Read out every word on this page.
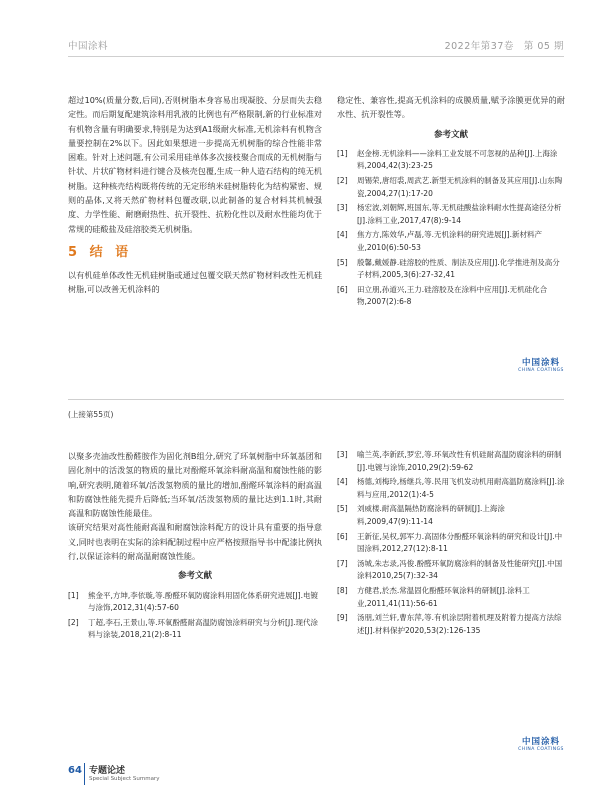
中国涂料	2022年第37卷　第 05 期

超过10%(质量分数,后同),否则树脂本身容易出现凝胶、分层而失去稳定性。而后期复配建筑涂料用乳液的比例也有严格限制,新的行业标准对有机物含量有明确要求,特别是为达到A1级耐火标准,无机涂料有机物含量要控制在2%以下。因此如果想进一步提高无机树脂的综合性能非常困难。针对上述问题,有公司采用硅单体多次接枝聚合而成的无机树脂与针状、片状矿物材料进行键合及核壳包覆,生成一种人造石结构的纯无机树脂。这种核壳结构既将传统的无定形纳米硅树脂转化为结构紧密、规则的晶体,又将天然矿物材料包覆改联,以此制备的复合材料其机械强度、力学性能、耐磨耐热性、抗开裂性、抗粉化性以及耐水性能均优于常规的硅酸盐及硅溶胶类无机树脂。

5 结 语

以有机硅单体改性无机硅树脂或通过包覆交联天然矿物材料改性无机硅树脂,可以改善无机涂料的

稳定性、兼容性,提高无机涂料的成膜质量,赋予涂膜更优异的耐水性、抗开裂性等。

参考文献
[1] 赵金榜.无机涂料——涂料工业发展不可忽视的品种[J].上海涂料,2004,42(3):23-25
[2] 周锡荣,唐绍裘,周武艺.新型无机涂料的制备及其应用[J].山东陶瓷,2004,27(1):17-20
[3] 杨宏波,刘朝辉,班国东,等.无机硅酸盐涂料耐水性提高途径分析[J].涂料工业,2017,47(8):9-14
[4] 焦方方,陈效华,卢磊,等.无机涂料的研究进展[J].新材料产业,2010(6):50-53
[5] 殷馨,戴媛静.硅溶胶的性质、制法及应用[J].化学推进剂及高分子材料,2005,3(6):27-32,41
[6] 田立朋,孙道兴,王力.硅溶胶及在涂料中应用[J].无机硅化合物,2007(2):6-8
中国涂料
CHINA COATINGS
(上接第55页)

以聚多壳油改性酚醛胺作为固化剂B组分,研究了环氧树脂中环氧基团和固化剂中的活泼氢的物质的量比对酚醛环氧涂料耐高温和腐蚀性能的影响,研究表明,随着环氧/活泼氢物质的量比的增加,酚醛环氧涂料的耐高温和防腐蚀性能先提升后降低;当环氧/活泼氢物质的量比达到1.1时,其耐高温和防腐蚀性能最佳。

该研究结果对高性能耐高温和耐腐蚀涂料配方的设计具有重要的指导意义,同时也表明在实际的涂料配制过程中应严格按照指导书中配漆比例执行,以保证涂料的耐高温耐腐蚀性能。

参考文献
[1] 熊金平,方坤,李依璇,等.酚醛环氧防腐涂料用固化体系研究进展[J].电镀与涂饰,2012,31(4):57-60
[2] 丁超,李石,王景山,等.环氧酚醛耐高温防腐蚀涂料研究与分析[J].现代涂料与涂装,2018,21(2):8-11
[3] 喻兰英,李新跃,罗宏,等.环氧改性有机硅耐高温防腐涂料的研制[J].电镀与涂饰,2010,29(2):59-62
[4] 杨德,刘梅玲,杨继兵,等.民用飞机发动机用耐高温防腐涂料[J].涂料与应用,2012(1):4-5
[5] 刘威楼.耐高温隔热防腐涂料的研制[J].上海涂料,2009,47(9):11-14
[6] 王新征,吴权,郭军力.高固体分酚醛环氧涂料的研究和设计[J].中国涂料,2012,27(12):8-11
[7] 汤城,朱志录,冯俊.酚醛环氧防腐涂料的制备及性能研究[J].中国涂料2010,25(7):32-34
[8] 方健君,於杰.常温固化酚醛环氧涂料的研制[J].涂料工业,2011,41(11):56-61
[9] 汤朋,刘兰轩,曹东萍,等.有机涂层附着机理及附着力提高方法综述[J].材料保护2020,53(2):126-135
中国涂料
CHINA COATINGS
64 专题论述
Special Subject Summary
